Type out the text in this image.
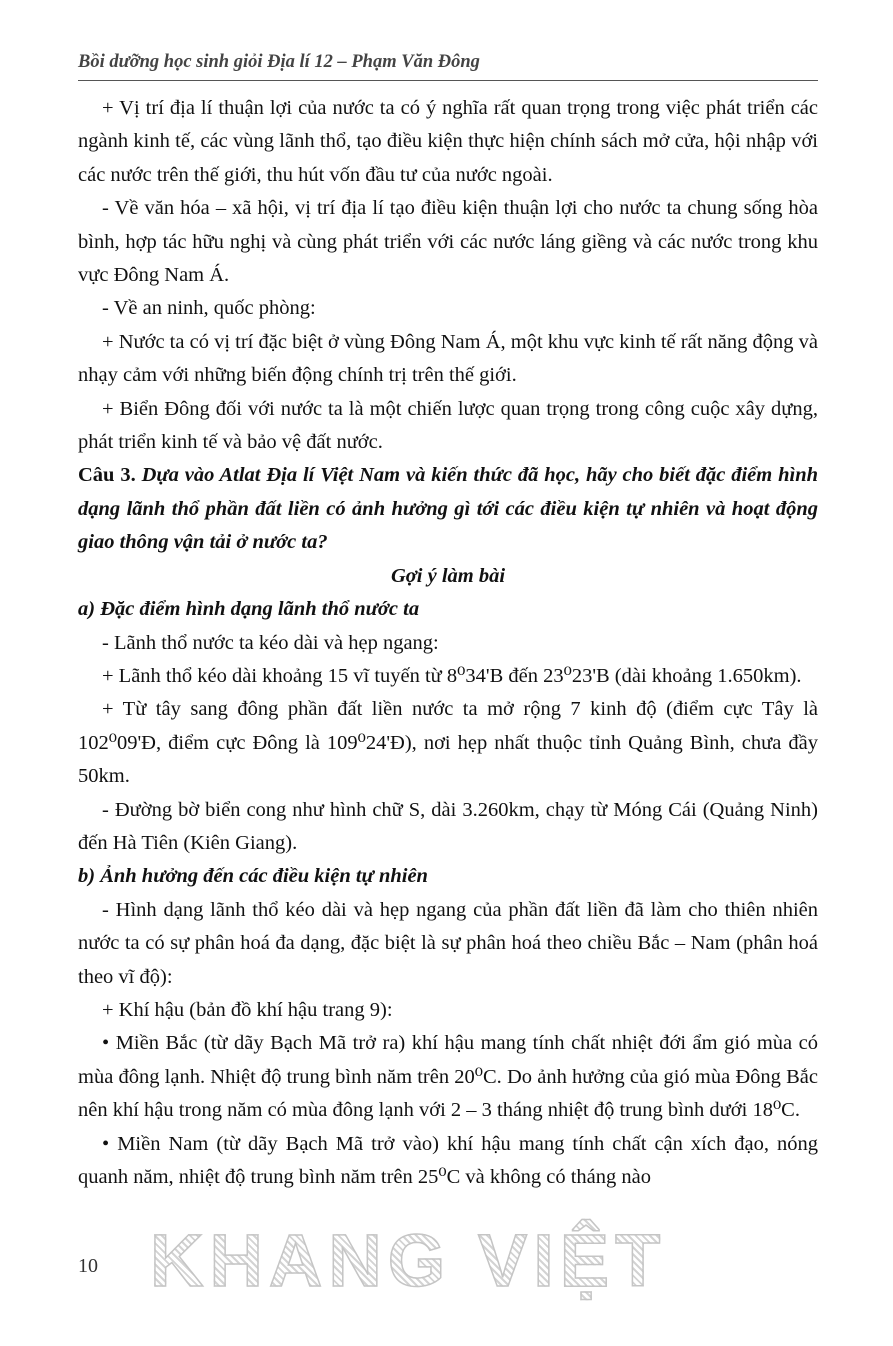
Bồi dưỡng học sinh giỏi Địa lí 12 – Phạm Văn Đông

+ Vị trí địa lí thuận lợi của nước ta có ý nghĩa rất quan trọng trong việc phát triển các ngành kinh tế, các vùng lãnh thổ, tạo điều kiện thực hiện chính sách mở cửa, hội nhập với các nước trên thế giới, thu hút vốn đầu tư của nước ngoài.

- Về văn hóa – xã hội, vị trí địa lí tạo điều kiện thuận lợi cho nước ta chung sống hòa bình, hợp tác hữu nghị và cùng phát triển với các nước láng giềng và các nước trong khu vực Đông Nam Á.

- Về an ninh, quốc phòng:

+ Nước ta có vị trí đặc biệt ở vùng Đông Nam Á, một khu vực kinh tế rất năng động và nhạy cảm với những biến động chính trị trên thế giới.

+ Biển Đông đối với nước ta là một chiến lược quan trọng trong công cuộc xây dựng, phát triển kinh tế và bảo vệ đất nước.

Câu 3. Dựa vào Atlat Địa lí Việt Nam và kiến thức đã học, hãy cho biết đặc điểm hình dạng lãnh thổ phần đất liền có ảnh hưởng gì tới các điều kiện tự nhiên và hoạt động giao thông vận tải ở nước ta?

Gợi ý làm bài

a) Đặc điểm hình dạng lãnh thổ nước ta

- Lãnh thổ nước ta kéo dài và hẹp ngang:

+ Lãnh thổ kéo dài khoảng 15 vĩ tuyến từ 8⁰34'B đến 23⁰23'B (dài khoảng 1.650km).

+ Từ tây sang đông phần đất liền nước ta mở rộng 7 kinh độ (điểm cực Tây là 102⁰09'Đ, điểm cực Đông là 109⁰24'Đ), nơi hẹp nhất thuộc tỉnh Quảng Bình, chưa đầy 50km.

- Đường bờ biển cong như hình chữ S, dài 3.260km, chạy từ Móng Cái (Quảng Ninh) đến Hà Tiên (Kiên Giang).

b) Ảnh hưởng đến các điều kiện tự nhiên

- Hình dạng lãnh thổ kéo dài và hẹp ngang của phần đất liền đã làm cho thiên nhiên nước ta có sự phân hoá đa dạng, đặc biệt là sự phân hoá theo chiều Bắc – Nam (phân hoá theo vĩ độ):

+ Khí hậu (bản đồ khí hậu trang 9):

• Miền Bắc (từ dãy Bạch Mã trở ra) khí hậu mang tính chất nhiệt đới ẩm gió mùa có mùa đông lạnh. Nhiệt độ trung bình năm trên 20⁰C. Do ảnh hưởng của gió mùa Đông Bắc nên khí hậu trong năm có mùa đông lạnh với 2 – 3 tháng nhiệt độ trung bình dưới 18⁰C.

• Miền Nam (từ dãy Bạch Mã trở vào) khí hậu mang tính chất cận xích đạo, nóng quanh năm, nhiệt độ trung bình năm trên 25⁰C và không có tháng nào

KHANG VIỆT
10
